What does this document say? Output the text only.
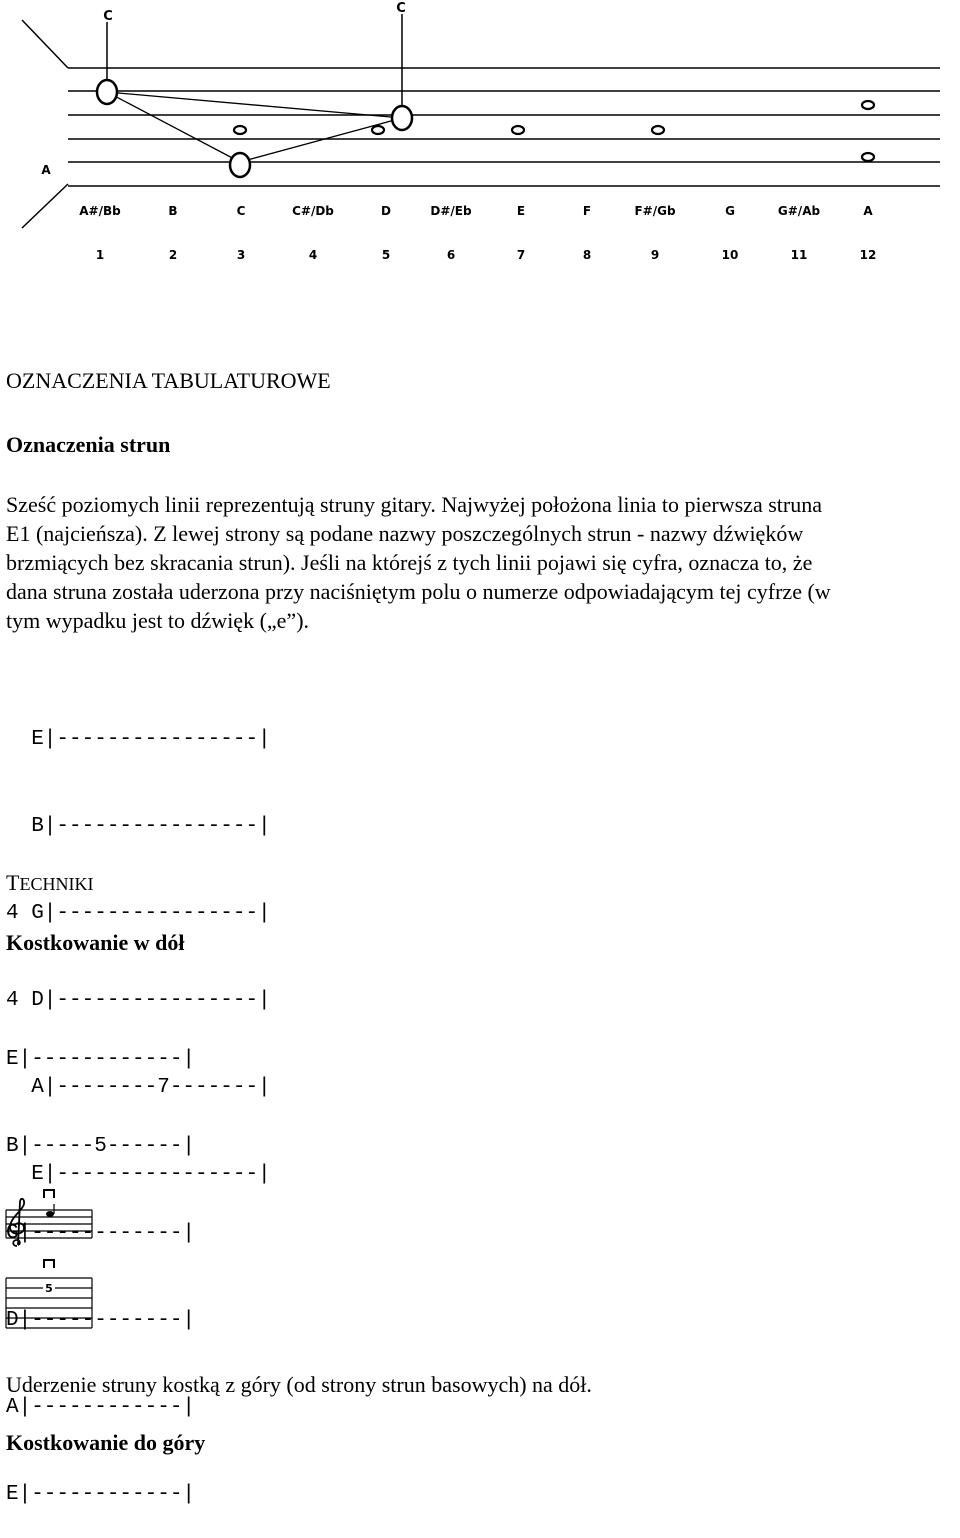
C
C
A
A#/Bb	B	C	C#/Db	D	D#/Eb	E	F	F#/Gb	G	G#/Ab	A
1	2	3	4	5	6	7	8	9	10	11	12
OZNACZENIA TABULATUROWE
Oznaczenia strun
Sześć poziomych linii reprezentują struny gitary. Najwyżej położona linia to pierwsza struna
E1 (najcieńsza). Z lewej strony są podane nazwy poszczególnych strun - nazwy dźwięków
brzmiących bez skracania strun). Jeśli na którejś z tych linii pojawi się cyfra, oznacza to, że
dana struna została uderzona przy naciśniętym polu o numerze odpowiadającym tej cyfrze (w
tym wypadku jest to dźwięk („e”).

E|----------------|

B|----------------|

4 G|----------------|

4 D|----------------|

A|--------7-------|

E|----------------|

TECHNIKI
Kostkowanie w dół

E|------------|

B|-----5------|

G|------------|

D|------------|

A|------------|

E|------------|

5

Uderzenie struny kostką z góry (od strony strun basowych) na dół.

Kostkowanie do góry
